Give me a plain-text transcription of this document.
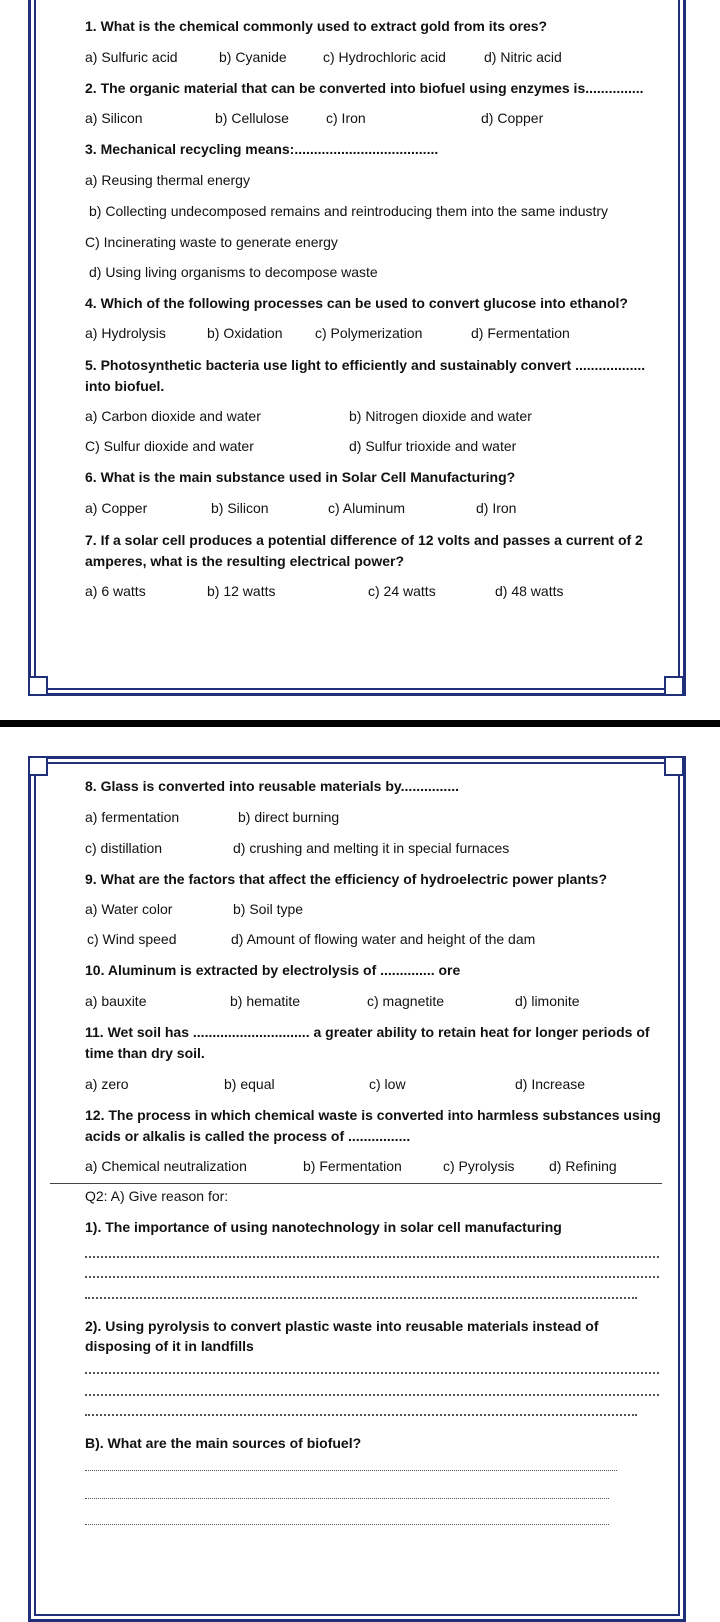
1. What is the chemical commonly used to extract gold from its ores?
a) Sulfuric acid	b) Cyanide	c) Hydrochloric acid	d) Nitric acid
2. The organic material that can be converted into biofuel using enzymes is...............
a) Silicon	b) Cellulose	c) Iron	d) Copper
3. Mechanical recycling means:.....................................
a) Reusing thermal energy
b) Collecting undecomposed remains and reintroducing them into the same industry
C) Incinerating waste to generate energy
d) Using living organisms to decompose waste
4. Which of the following processes can be used to convert glucose into ethanol?
a) Hydrolysis	b) Oxidation c) Polymerization	d) Fermentation
5. Photosynthetic bacteria use light to efficiently and sustainably convert .................. into biofuel.
a) Carbon dioxide and water	b) Nitrogen dioxide and water
C) Sulfur dioxide and water	d) Sulfur trioxide and water
6. What is the main substance used in Solar Cell Manufacturing?
a) Copper	b) Silicon	c) Aluminum	d) Iron
7. If a solar cell produces a potential difference of 12 volts and passes a current of 2 amperes, what is the resulting electrical power?
a) 6 watts	b) 12 watts	c) 24 watts	d) 48 watts
8. Glass is converted into reusable materials by...............
a) fermentation	b) direct burning
c) distillation	d) crushing and melting it in special furnaces
9. What are the factors that affect the efficiency of hydroelectric power plants?
a) Water color	b) Soil type
c) Wind speed	d) Amount of flowing water and height of the dam
10. Aluminum is extracted by electrolysis of .............. ore
a) bauxite	b) hematite	c) magnetite	d) limonite
11. Wet soil has .............................. a greater ability to retain heat for longer periods of time than dry soil.
a) zero	b) equal	c) low	d) Increase
12. The process in which chemical waste is converted into harmless substances using acids or alkalis is called the process of ................
a) Chemical neutralization	b) Fermentation	c) Pyrolysis d) Refining
Q2: A) Give reason for:
1). The importance of using nanotechnology in solar cell manufacturing
2). Using pyrolysis to convert plastic waste into reusable materials instead of disposing of it in landfills
B). What are the main sources of biofuel?
